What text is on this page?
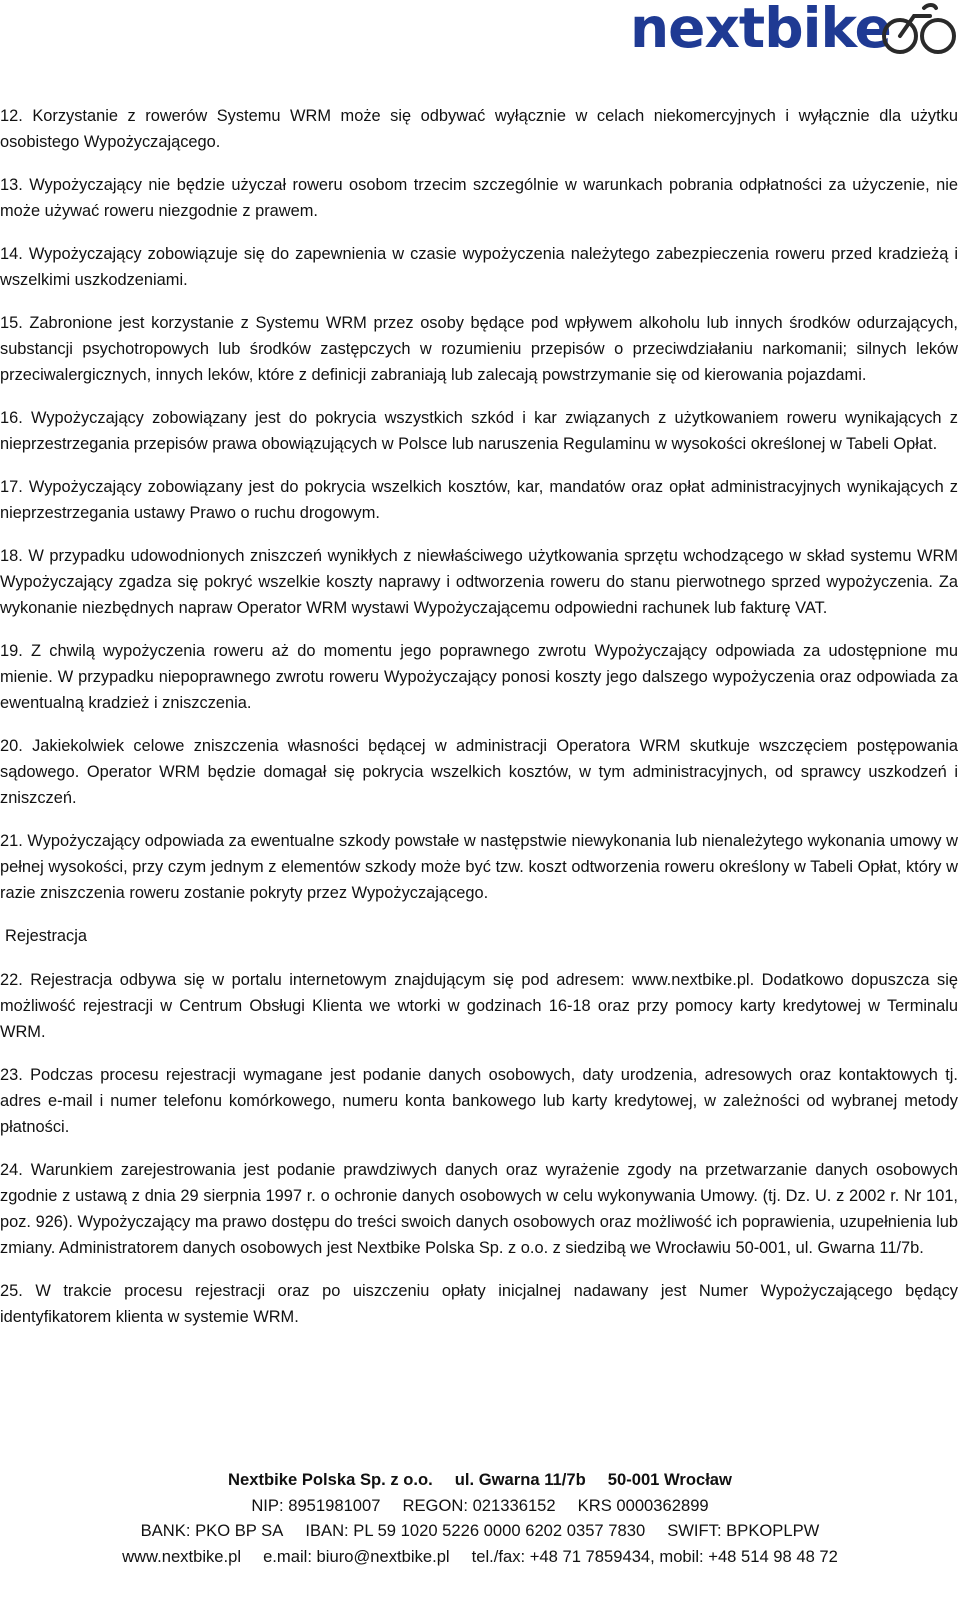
nextbike

12. Korzystanie z rowerów Systemu WRM może się odbywać wyłącznie w celach niekomercyjnych i wyłącznie dla użytku osobistego Wypożyczającego.

13. Wypożyczający nie będzie użyczał roweru osobom trzecim szczególnie w warunkach pobrania odpłatności za użyczenie, nie może używać roweru niezgodnie z prawem.

14. Wypożyczający zobowiązuje się do zapewnienia w czasie wypożyczenia należytego zabezpieczenia roweru przed kradzieżą i wszelkimi uszkodzeniami.

15. Zabronione jest korzystanie z Systemu WRM przez osoby będące pod wpływem alkoholu lub innych środków odurzających, substancji psychotropowych lub środków zastępczych w rozumieniu przepisów o przeciwdziałaniu narkomanii; silnych leków przeciwalergicznych, innych leków, które z definicji zabraniają lub zalecają powstrzymanie się od kierowania pojazdami.

16. Wypożyczający zobowiązany jest do pokrycia wszystkich szkód i kar związanych z użytkowaniem roweru wynikających z nieprzestrzegania przepisów prawa obowiązujących w Polsce lub naruszenia Regulaminu w wysokości określonej w Tabeli Opłat.

17. Wypożyczający zobowiązany jest do pokrycia wszelkich kosztów, kar, mandatów oraz opłat administracyjnych wynikających z nieprzestrzegania ustawy Prawo o ruchu drogowym.

18. W przypadku udowodnionych zniszczeń wynikłych z niewłaściwego użytkowania sprzętu wchodzącego w skład systemu WRM Wypożyczający zgadza się pokryć wszelkie koszty naprawy i odtworzenia roweru do stanu pierwotnego sprzed wypożyczenia. Za wykonanie niezbędnych napraw Operator WRM wystawi Wypożyczającemu odpowiedni rachunek lub fakturę VAT.

19. Z chwilą wypożyczenia roweru aż do momentu jego poprawnego zwrotu Wypożyczający odpowiada za udostępnione mu mienie. W przypadku niepoprawnego zwrotu roweru Wypożyczający ponosi koszty jego dalszego wypożyczenia oraz odpowiada za ewentualną kradzież i zniszczenia.

20. Jakiekolwiek celowe zniszczenia własności będącej w administracji Operatora WRM skutkuje wszczęciem postępowania sądowego. Operator WRM będzie domagał się pokrycia wszelkich kosztów, w tym administracyjnych, od sprawcy uszkodzeń i zniszczeń.

21. Wypożyczający odpowiada za ewentualne szkody powstałe w następstwie niewykonania lub nienależytego wykonania umowy w pełnej wysokości, przy czym jednym z elementów szkody może być tzw. koszt odtworzenia roweru określony w Tabeli Opłat, który w razie zniszczenia roweru zostanie pokryty przez Wypożyczającego.

Rejestracja

22. Rejestracja odbywa się w portalu internetowym znajdującym się pod adresem: www.nextbike.pl. Dodatkowo dopuszcza się możliwość rejestracji w Centrum Obsługi Klienta we wtorki w godzinach 16-18 oraz przy pomocy karty kredytowej w Terminalu WRM.

23. Podczas procesu rejestracji wymagane jest podanie danych osobowych, daty urodzenia, adresowych oraz kontaktowych tj. adres e-mail i numer telefonu komórkowego, numeru konta bankowego lub karty kredytowej, w zależności od wybranej metody płatności.

24. Warunkiem zarejestrowania jest podanie prawdziwych danych oraz wyrażenie zgody na przetwarzanie danych osobowych zgodnie z ustawą z dnia 29 sierpnia 1997 r. o ochronie danych osobowych w celu wykonywania Umowy. (tj. Dz. U. z 2002 r. Nr 101, poz. 926). Wypożyczający ma prawo dostępu do treści swoich danych osobowych oraz możliwość ich poprawienia, uzupełnienia lub zmiany. Administratorem danych osobowych jest Nextbike Polska Sp. z o.o. z siedzibą we Wrocławiu 50-001, ul. Gwarna 11/7b.

25. W trakcie procesu rejestracji oraz po uiszczeniu opłaty inicjalnej nadawany jest Numer Wypożyczającego będący identyfikatorem klienta w systemie WRM.

Nextbike Polska Sp. z o.o. ul. Gwarna 11/7b 50-001 Wrocław
NIP: 8951981007 REGON: 021336152 KRS 0000362899
BANK: PKO BP SA IBAN: PL 59 1020 5226 0000 6202 0357 7830 SWIFT: BPKOPLPW
www.nextbike.pl e.mail: biuro@nextbike.pl tel./fax: +48 71 7859434, mobil: +48 514 98 48 72
